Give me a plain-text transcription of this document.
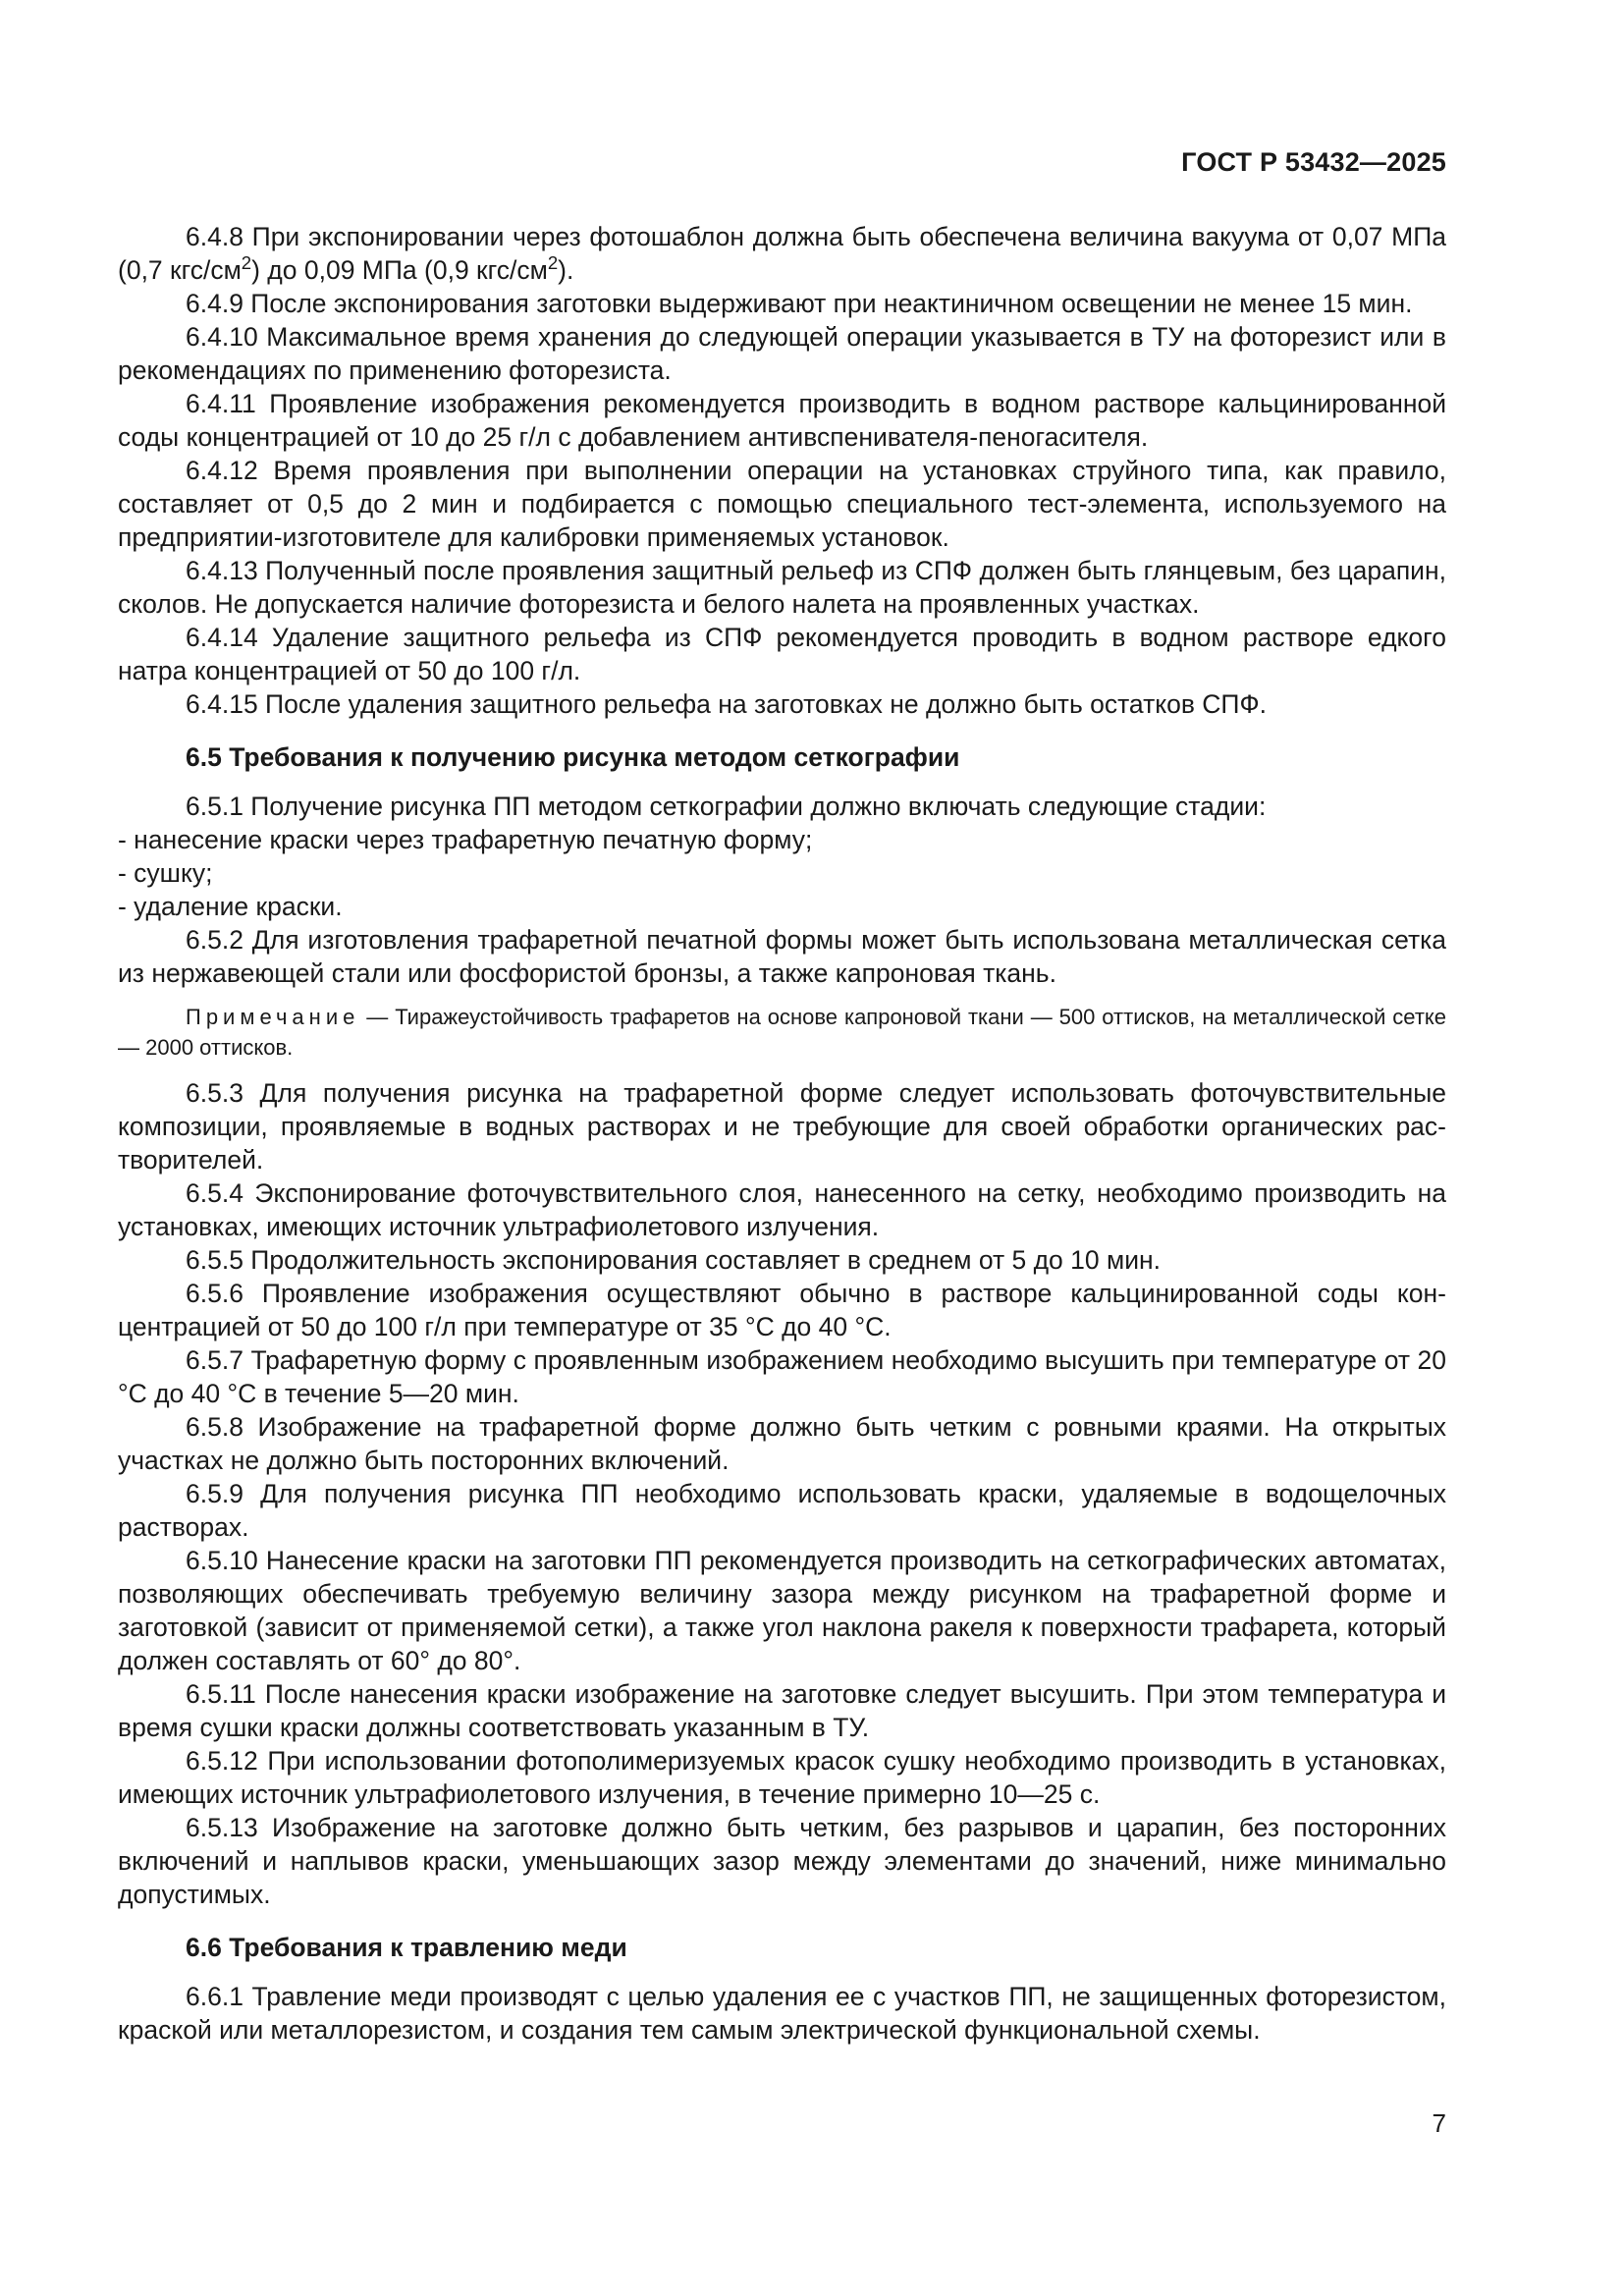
ГОСТ Р 53432—2025

6.4.8 При экспонировании через фотошаблон должна быть обеспечена величина вакуума от 0,07 МПа (0,7 кгс/$см^2$) до 0,09 МПа (0,9 кгс/$см^2$).

6.4.9 После экспонирования заготовки выдерживают при неактиничном освещении не менее 15 мин.

6.4.10 Максимальное время хранения до следующей операции указывается в ТУ на фоторезист или в рекомендациях по применению фоторезиста.

6.4.11 Проявление изображения рекомендуется производить в водном растворе кальцинированной соды концентрацией от 10 до 25 г/л с добавлением антивспенивателя-пеногасителя.

6.4.12 Время проявления при выполнении операции на установках струйного типа, как правило, составляет от 0,5 до 2 мин и подбирается с помощью специального тест-элемента, используемого на предприятии-изготовителе для калибровки применяемых установок.

6.4.13 Полученный после проявления защитный рельеф из СПФ должен быть глянцевым, без царапин, сколов. Не допускается наличие фоторезиста и белого налета на проявленных участках.

6.4.14 Удаление защитного рельефа из СПФ рекомендуется проводить в водном растворе едкого натра концентрацией от 50 до 100 г/л.

6.4.15 После удаления защитного рельефа на заготовках не должно быть остатков СПФ.

6.5 Требования к получению рисунка методом сеткографии

6.5.1 Получение рисунка ПП методом сеткографии должно включать следующие стадии:

- нанесение краски через трафаретную печатную форму;

- сушку;

- удаление краски.

6.5.2 Для изготовления трафаретной печатной формы может быть использована металлическая сетка из нержавеющей стали или фосфористой бронзы, а также капроновая ткань.

Примечание — Тиражеустойчивость трафаретов на основе капроновой ткани — 500 оттисков, на металлической сетке — 2000 оттисков.

6.5.3 Для получения рисунка на трафаретной форме следует использовать фоточувствительные композиции, проявляемые в водных растворах и не требующие для своей обработки органических растворителей.

6.5.4 Экспонирование фоточувствительного слоя, нанесенного на сетку, необходимо производить на установках, имеющих источник ультрафиолетового излучения.

6.5.5 Продолжительность экспонирования составляет в среднем от 5 до 10 мин.

6.5.6 Проявление изображения осуществляют обычно в растворе кальцинированной соды концентрацией от 50 до 100 г/л при температуре от 35 °С до 40 °С.

6.5.7 Трафаретную форму с проявленным изображением необходимо высушить при температуре от 20 °С до 40 °С в течение 5—20 мин.

6.5.8 Изображение на трафаретной форме должно быть четким с ровными краями. На открытых участках не должно быть посторонних включений.

6.5.9 Для получения рисунка ПП необходимо использовать краски, удаляемые в водощелочных растворах.

6.5.10 Нанесение краски на заготовки ПП рекомендуется производить на сеткографических автоматах, позволяющих обеспечивать требуемую величину зазора между рисунком на трафаретной форме и заготовкой (зависит от применяемой сетки), а также угол наклона ракеля к поверхности трафарета, который должен составлять от 60° до 80°.

6.5.11 После нанесения краски изображение на заготовке следует высушить. При этом температура и время сушки краски должны соответствовать указанным в ТУ.

6.5.12 При использовании фотополимеризуемых красок сушку необходимо производить в установках, имеющих источник ультрафиолетового излучения, в течение примерно 10—25 с.

6.5.13 Изображение на заготовке должно быть четким, без разрывов и царапин, без посторонних включений и наплывов краски, уменьшающих зазор между элементами до значений, ниже минимально допустимых.

6.6 Требования к травлению меди

6.6.1 Травление меди производят с целью удаления ее с участков ПП, не защищенных фоторезистом, краской или металлорезистом, и создания тем самым электрической функциональной схемы.

7
